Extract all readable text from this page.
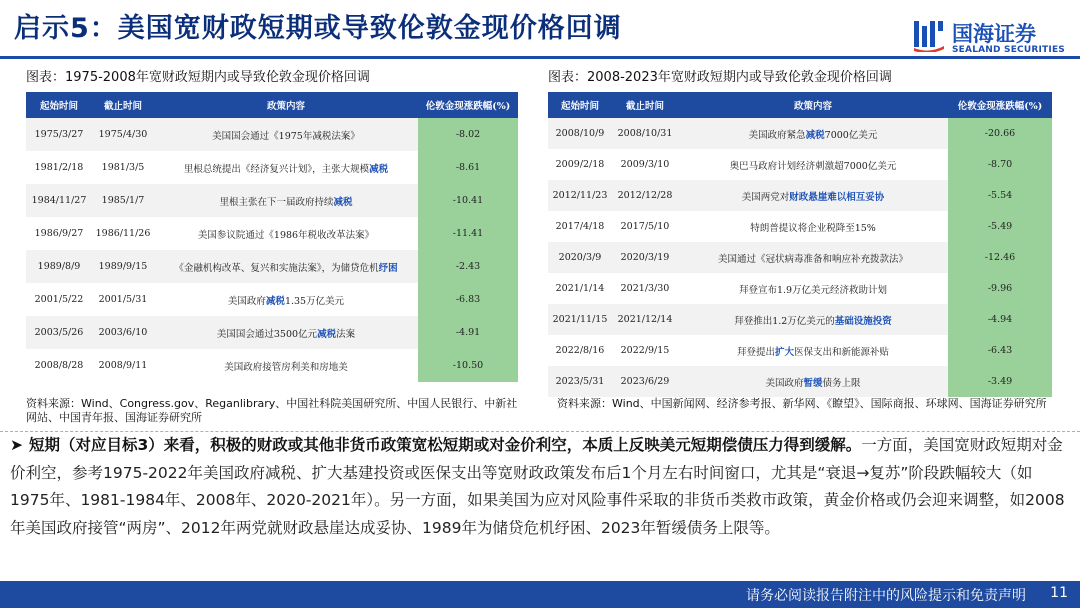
启示5：美国宽财政短期或导致伦敦金现价格回调	国海证券
SEALAND SECURITIES
图表：1975-2008年宽财政短期内或导致伦敦金现价格回调
起始时间	截止时间	政策内容	伦敦金现涨跌幅(%)
1975/3/27	1975/4/30	美国国会通过《1975年减税法案》	-8.02
1981/2/18	1981/3/5	里根总统提出《经济复兴计划》，主张大规模减税	-8.61
1984/11/27	1985/1/7	里根主张在下一届政府持续减税	-10.41
1986/9/27	1986/11/26	美国参议院通过《1986年税收改革法案》	-11.41
1989/8/9	1989/9/15	《金融机构改革、复兴和实施法案》，为储贷危机纾困	-2.43
2001/5/22	2001/5/31	美国政府减税1.35万亿美元	-6.83
2003/5/26	2003/6/10	美国国会通过3500亿元减税法案	-4.91
2008/8/28	2008/9/11	美国政府接管房利美和房地美	-10.50
资料来源：Wind、Congress.gov、Reganlibrary、中国社科院美国研究所、中国人民银行、中新社网站、中国青年报、国海证券研究所
图表：2008-2023年宽财政短期内或导致伦敦金现价格回调
起始时间	截止时间	政策内容	伦敦金现涨跌幅(%)
2008/10/9	2008/10/31	美国政府紧急减税7000亿美元	-20.66
2009/2/18	2009/3/10	奥巴马政府计划经济刺激超7000亿美元	-8.70
2012/11/23	2012/12/28	美国两党对财政悬崖难以相互妥协	-5.54
2017/4/18	2017/5/10	特朗普提议将企业税降至15%	-5.49
2020/3/9	2020/3/19	美国通过《冠状病毒准备和响应补充拨款法》	-12.46
2021/1/14	2021/3/30	拜登宣布1.9万亿美元经济救助计划	-9.96
2021/11/15	2021/12/14	拜登推出1.2万亿美元的基础设施投资	-4.94
2022/8/16	2022/9/15	拜登提出扩大医保支出和新能源补贴	-6.43
2023/5/31	2023/6/29	美国政府暂缓债务上限	-3.49
资料来源：Wind、中国新闻网、经济参考报、新华网、《瞭望》、国际商报、环球网、国海证券研究所
➤ 短期（对应目标3）来看，积极的财政或其他非货币政策宽松短期或对金价利空，本质上反映美元短期偿债压力得到缓解。一方面，美国宽财政短期对金价利空，参考1975-2022年美国政府减税、扩大基建投资或医保支出等宽财政政策发布后1个月左右时间窗口，尤其是“衰退→复苏”阶段跌幅较大（如1975年、1981-1984年、2008年、2020-2021年）。另一方面，如果美国为应对风险事件采取的非货币类救市政策，黄金价格或仍会迎来调整，如2008年美国政府接管“两房”、2012年两党就财政悬崖达成妥协、1989年为储贷危机纾困、2023年暂缓债务上限等。
请务必阅读报告附注中的风险提示和免责声明 11
